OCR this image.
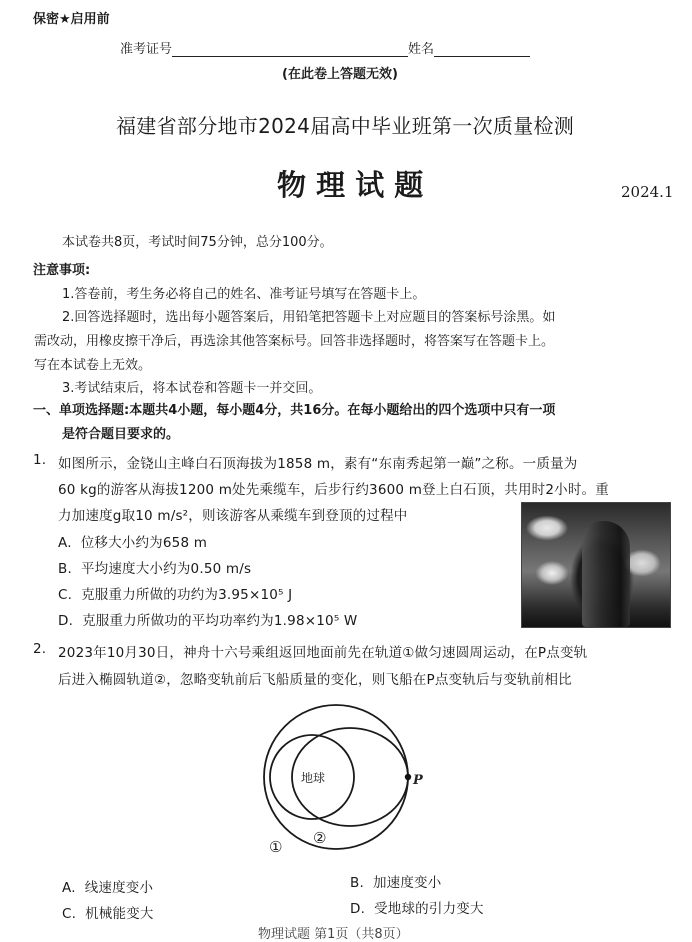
保密★启用前
准考证号	姓名
(在此卷上答题无效)
福建省部分地市2024届高中毕业班第一次质量检测
物 理 试 题	2024.1
本试卷共8页，考试时间75分钟，总分100分。
注意事项:
1.答卷前，考生务必将自己的姓名、准考证号填写在答题卡上。
2.回答选择题时，选出每小题答案后，用铅笔把答题卡上对应题目的答案标号涂黑。如
需改动，用橡皮擦干净后，再选涂其他答案标号。回答非选择题时，将答案写在答题卡上。
写在本试卷上无效。
3.考试结束后，将本试卷和答题卡一并交回。
一、单项选择题:本题共4小题，每小题4分，共16分。在每小题给出的四个选项中只有一项
是符合题目要求的。
1. 如图所示，金铙山主峰白石顶海拔为1858 m，素有“东南秀起第一巅”之称。一质量为
60 kg的游客从海拔1200 m处先乘缆车，后步行约3600 m登上白石顶，共用时2小时。重
力加速度g取10 m/s²，则该游客从乘缆车到登顶的过程中
A. 位移大小约为658 m
B. 平均速度大小约为0.50 m/s
C. 克服重力所做的功约为3.95×10⁵ J
D. 克服重力所做功的平均功率约为1.98×10⁵ W
2. 2023年10月30日，神舟十六号乘组返回地面前先在轨道①做匀速圆周运动，在P点变轨
后进入椭圆轨道②，忽略变轨前后飞船质量的变化，则飞船在P点变轨后与变轨前相比
地球	P
① ②
A. 线速度变小	B. 加速度变小
C. 机械能变大	D. 受地球的引力变大
物理试题 第1页（共8页）
